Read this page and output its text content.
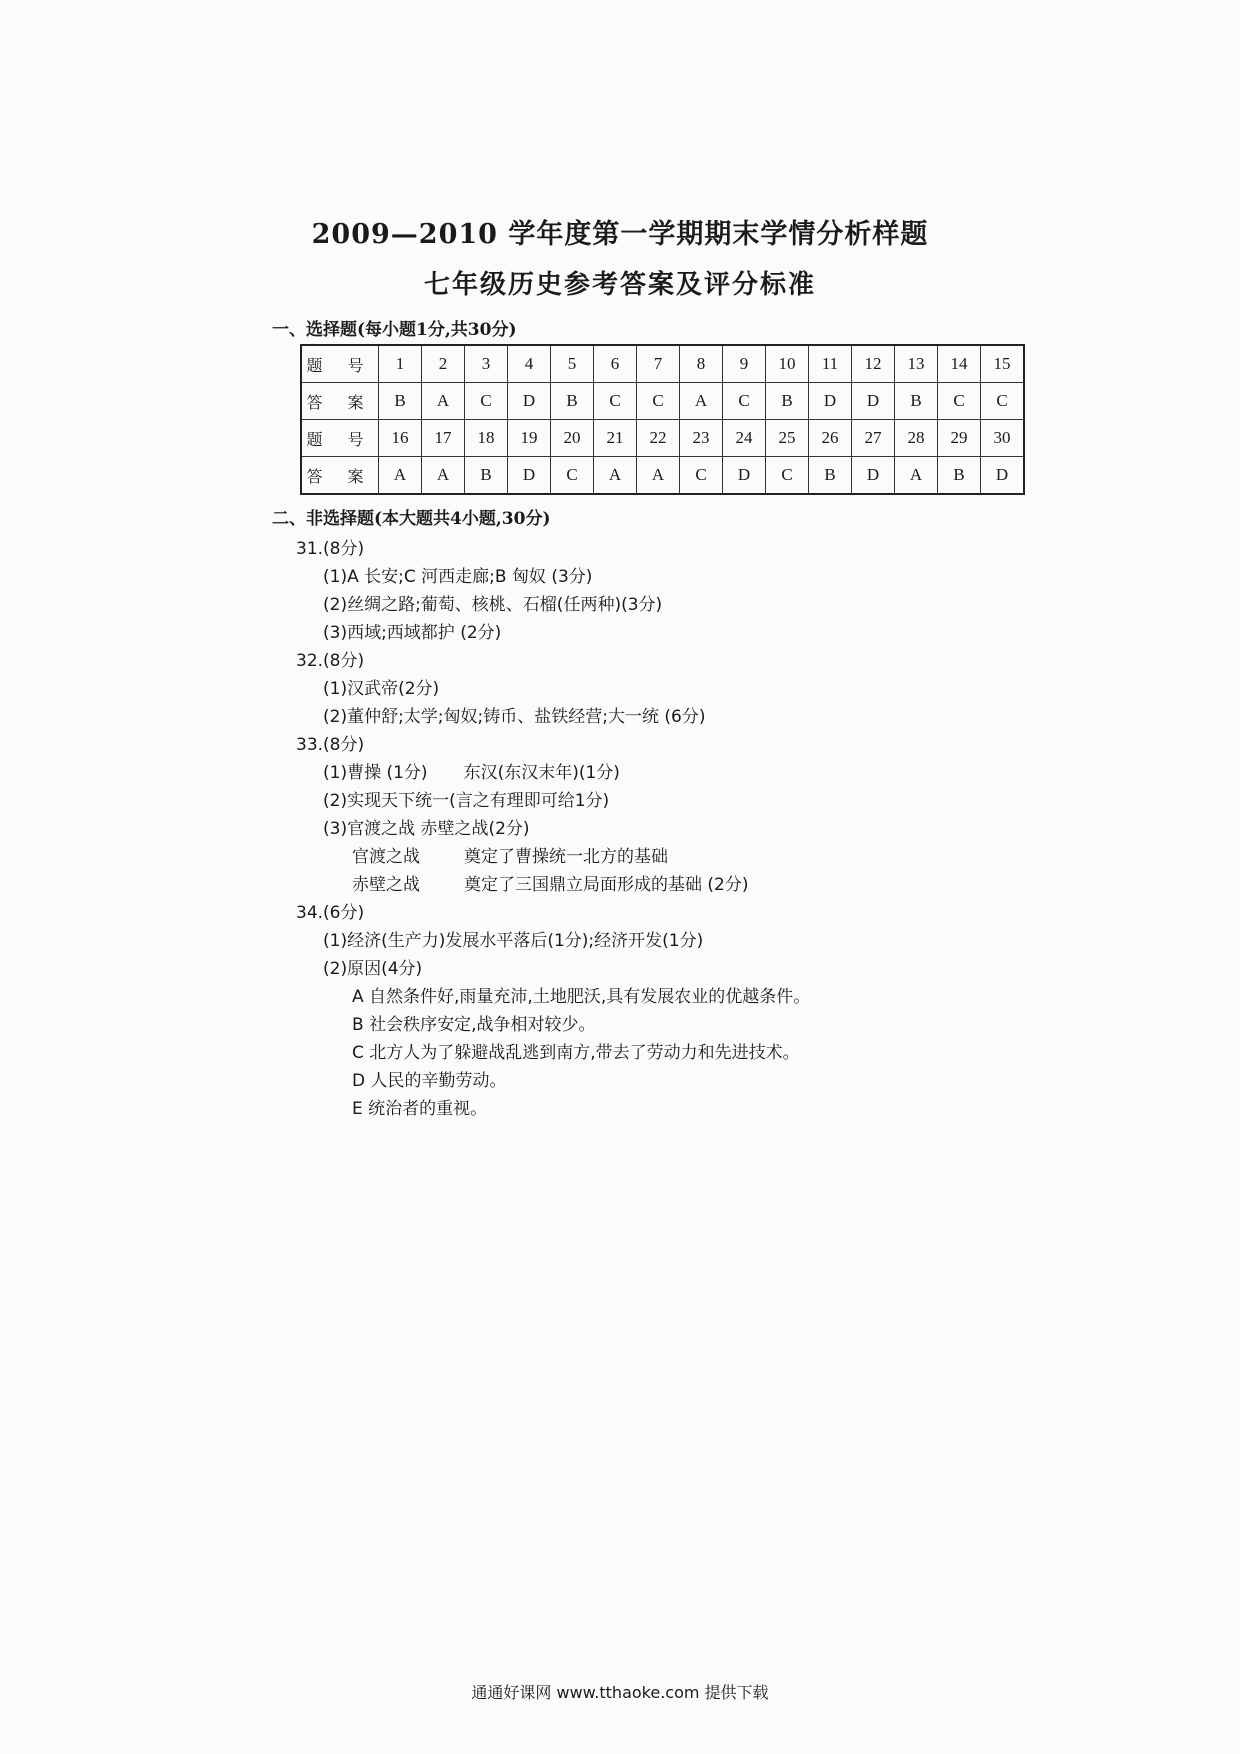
2009—2010 学年度第一学期期末学情分析样题
七年级历史参考答案及评分标准
一、选择题(每小题1分,共30分)
题 号	1	2	3	4	5	6	7	8	9	10	11	12	13	14	15
答 案	B	A	C	D	B	C	C	A	C	B	D	D	B	C	C
题 号	16	17	18	19	20	21	22	23	24	25	26	27	28	29	30
答 案	A	A	B	D	C	A	A	C	D	C	B	D	A	B	D
二、非选择题(本大题共4小题,30分)
31.(8分)
(1)A 长安;C 河西走廊;B 匈奴 (3分)
(2)丝绸之路;葡萄、核桃、石榴(任两种)(3分)
(3)西域;西域都护 (2分)
32.(8分)
(1)汉武帝(2分)
(2)董仲舒;太学;匈奴;铸币、盐铁经营;大一统 (6分)
33.(8分)
(1)曹操 (1分) 东汉(东汉末年)(1分)
(2)实现天下统一(言之有理即可给1分)
(3)官渡之战 赤壁之战(2分)
官渡之战	奠定了曹操统一北方的基础
赤壁之战	奠定了三国鼎立局面形成的基础 (2分)
34.(6分)
(1)经济(生产力)发展水平落后(1分);经济开发(1分)
(2)原因(4分)
A 自然条件好,雨量充沛,土地肥沃,具有发展农业的优越条件。
B 社会秩序安定,战争相对较少。
C 北方人为了躲避战乱逃到南方,带去了劳动力和先进技术。
D 人民的辛勤劳动。
E 统治者的重视。
通通好课网 www.tthaoke.com 提供下载
